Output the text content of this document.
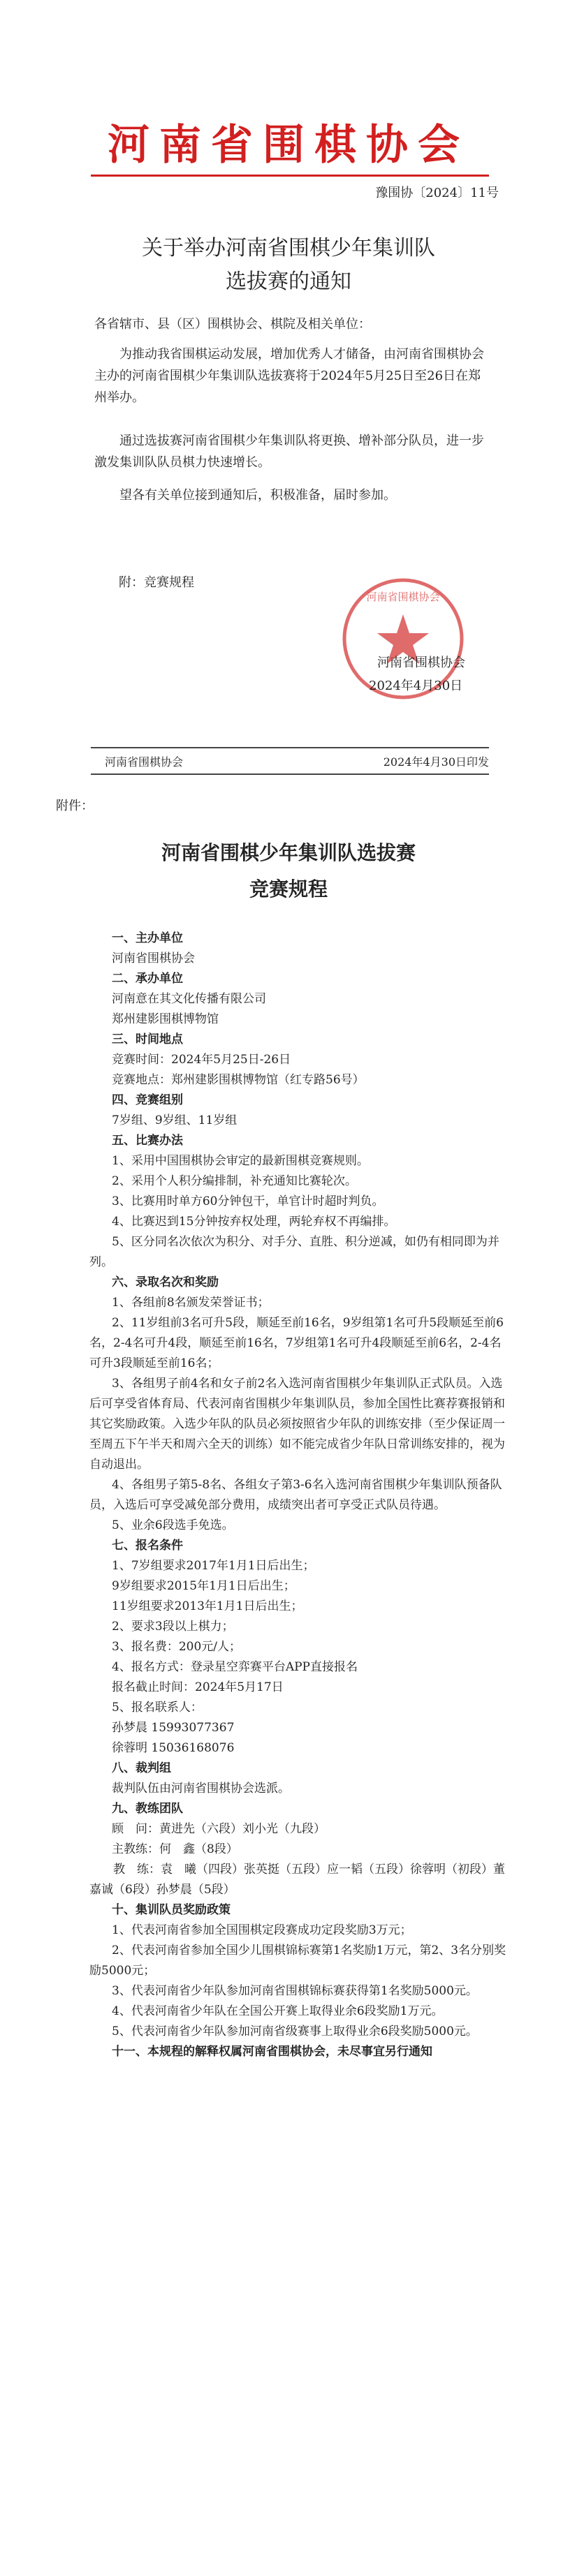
河南省围棋协会
豫围协〔2024〕11号
关于举办河南省围棋少年集训队
选拔赛的通知
各省辖市、县（区）围棋协会、棋院及相关单位：

为推动我省围棋运动发展，增加优秀人才储备，由河南省围棋协会主办的河南省围棋少年集训队选拔赛将于2024年5月25日至26日在郑州举办。

通过选拔赛河南省围棋少年集训队将更换、增补部分队员，进一步激发集训队队员棋力快速增长。

望各有关单位接到通知后，积极准备，届时参加。

附：竞赛规程
河南省围棋协会
河南省围棋协会
2024年4月30日
河南省围棋协会	2024年4月30日印发
附件：
河南省围棋少年集训队选拔赛
竞赛规程

一、主办单位

河南省围棋协会

二、承办单位

河南意在其文化传播有限公司

郑州建影围棋博物馆

三、时间地点

竞赛时间：2024年5月25日-26日

竞赛地点：郑州建影围棋博物馆（红专路56号）

四、竞赛组别

7岁组、9岁组、11岁组

五、比赛办法

1、采用中国围棋协会审定的最新围棋竞赛规则。

2、采用个人积分编排制，补充通知比赛轮次。

3、比赛用时单方60分钟包干，单官计时超时判负。

4、比赛迟到15分钟按弃权处理，两轮弃权不再编排。

5、区分同名次依次为积分、对手分、直胜、积分逆减，如仍有相同即为并列。

六、录取名次和奖励

1、各组前8名颁发荣誉证书；

2、11岁组前3名可升5段，顺延至前16名，9岁组第1名可升5段顺延至前6名，2-4名可升4段，顺延至前16名，7岁组第1名可升4段顺延至前6名，2-4名可升3段顺延至前16名；

3、各组男子前4名和女子前2名入选河南省围棋少年集训队正式队员。入选后可享受省体育局、代表河南省围棋少年集训队员，参加全国性比赛荐赛报销和其它奖励政策。入选少年队的队员必须按照省少年队的训练安排（至少保证周一至周五下午半天和周六全天的训练）如不能完成省少年队日常训练安排的，视为自动退出。

4、各组男子第5-8名、各组女子第3-6名入选河南省围棋少年集训队预备队员，入选后可享受减免部分费用，成绩突出者可享受正式队员待遇。

5、业余6段选手免选。

七、报名条件

1、7岁组要求2017年1月1日后出生；

9岁组要求2015年1月1日后出生；

11岁组要求2013年1月1日后出生；

2、要求3段以上棋力；

3、报名费：200元/人；

4、报名方式：登录星空弈赛平台APP直接报名

报名截止时间：2024年5月17日

5、报名联系人：

孙梦晨 15993077367

徐蓉明 15036168076

八、裁判组

裁判队伍由河南省围棋协会选派。

九、教练团队

顾　问：黄进先（六段）刘小光（九段）

主教练：何　鑫（8段）

　　教　练：袁　曦（四段）张英挺（五段）应一韬（五段）徐蓉明（初段）董嘉诚（6段）孙梦晨（5段）

十、集训队员奖励政策

1、代表河南省参加全国围棋定段赛成功定段奖励3万元；

2、代表河南省参加全国少儿围棋锦标赛第1名奖励1万元，第2、3名分别奖励5000元；

3、代表河南省少年队参加河南省围棋锦标赛获得第1名奖励5000元。

4、代表河南省少年队在全国公开赛上取得业余6段奖励1万元。

5、代表河南省少年队参加河南省级赛事上取得业余6段奖励5000元。

十一、本规程的解释权属河南省围棋协会，未尽事宜另行通知
